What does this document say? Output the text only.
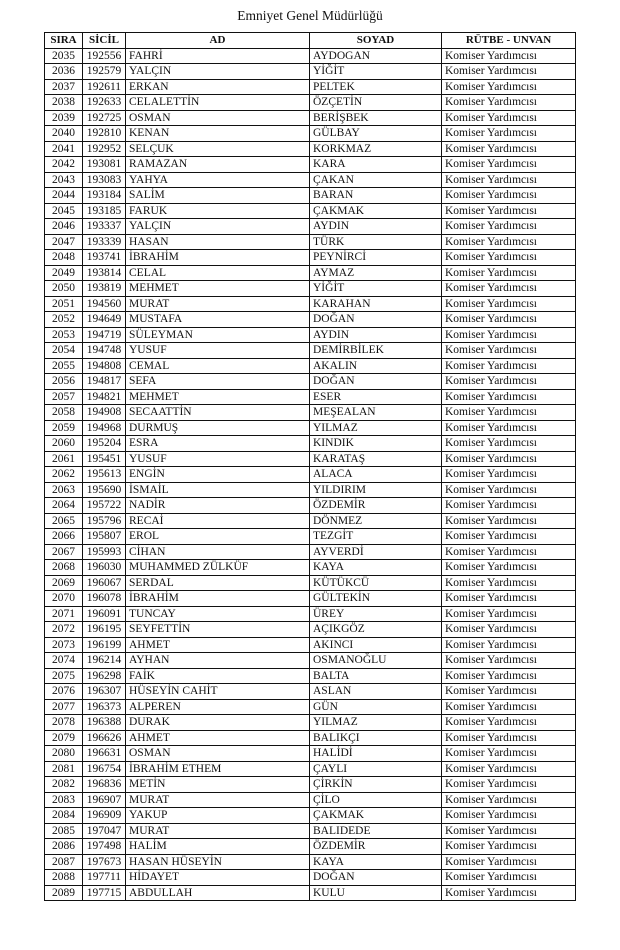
Emniyet Genel Müdürlüğü
SIRA	SİCİL	AD	SOYAD	RÜTBE - UNVAN
2035	192556	FAHRİ	AYDOGAN	Komiser Yardımcısı
2036	192579	YALÇIN	YİĞİT	Komiser Yardımcısı
2037	192611	ERKAN	PELTEK	Komiser Yardımcısı
2038	192633	CELALETTİN	ÖZÇETİN	Komiser Yardımcısı
2039	192725	OSMAN	BERİŞBEK	Komiser Yardımcısı
2040	192810	KENAN	GÜLBAY	Komiser Yardımcısı
2041	192952	SELÇUK	KORKMAZ	Komiser Yardımcısı
2042	193081	RAMAZAN	KARA	Komiser Yardımcısı
2043	193083	YAHYA	ÇAKAN	Komiser Yardımcısı
2044	193184	SALİM	BARAN	Komiser Yardımcısı
2045	193185	FARUK	ÇAKMAK	Komiser Yardımcısı
2046	193337	YALÇIN	AYDIN	Komiser Yardımcısı
2047	193339	HASAN	TÜRK	Komiser Yardımcısı
2048	193741	İBRAHİM	PEYNİRCİ	Komiser Yardımcısı
2049	193814	CELAL	AYMAZ	Komiser Yardımcısı
2050	193819	MEHMET	YİĞİT	Komiser Yardımcısı
2051	194560	MURAT	KARAHAN	Komiser Yardımcısı
2052	194649	MUSTAFA	DOĞAN	Komiser Yardımcısı
2053	194719	SÜLEYMAN	AYDIN	Komiser Yardımcısı
2054	194748	YUSUF	DEMİRBİLEK	Komiser Yardımcısı
2055	194808	CEMAL	AKALIN	Komiser Yardımcısı
2056	194817	SEFA	DOĞAN	Komiser Yardımcısı
2057	194821	MEHMET	ESER	Komiser Yardımcısı
2058	194908	SECAATTİN	MEŞEALAN	Komiser Yardımcısı
2059	194968	DURMUŞ	YILMAZ	Komiser Yardımcısı
2060	195204	ESRA	KINDIK	Komiser Yardımcısı
2061	195451	YUSUF	KARATAŞ	Komiser Yardımcısı
2062	195613	ENGİN	ALACA	Komiser Yardımcısı
2063	195690	İSMAİL	YILDIRIM	Komiser Yardımcısı
2064	195722	NADİR	ÖZDEMİR	Komiser Yardımcısı
2065	195796	RECAİ	DÖNMEZ	Komiser Yardımcısı
2066	195807	EROL	TEZGİT	Komiser Yardımcısı
2067	195993	CİHAN	AYVERDİ	Komiser Yardımcısı
2068	196030	MUHAMMED ZÜLKÜF	KAYA	Komiser Yardımcısı
2069	196067	SERDAL	KÜTÜKCÜ	Komiser Yardımcısı
2070	196078	İBRAHİM	GÜLTEKİN	Komiser Yardımcısı
2071	196091	TUNCAY	ÜREY	Komiser Yardımcısı
2072	196195	SEYFETTİN	AÇIKGÖZ	Komiser Yardımcısı
2073	196199	AHMET	AKINCI	Komiser Yardımcısı
2074	196214	AYHAN	OSMANOĞLU	Komiser Yardımcısı
2075	196298	FAİK	BALTA	Komiser Yardımcısı
2076	196307	HÜSEYİN CAHİT	ASLAN	Komiser Yardımcısı
2077	196373	ALPEREN	GÜN	Komiser Yardımcısı
2078	196388	DURAK	YILMAZ	Komiser Yardımcısı
2079	196626	AHMET	BALIKÇI	Komiser Yardımcısı
2080	196631	OSMAN	HALİDİ	Komiser Yardımcısı
2081	196754	İBRAHİM ETHEM	ÇAYLI	Komiser Yardımcısı
2082	196836	METİN	ÇİRKİN	Komiser Yardımcısı
2083	196907	MURAT	ÇİLO	Komiser Yardımcısı
2084	196909	YAKUP	ÇAKMAK	Komiser Yardımcısı
2085	197047	MURAT	BALIDEDE	Komiser Yardımcısı
2086	197498	HALİM	ÖZDEMİR	Komiser Yardımcısı
2087	197673	HASAN HÜSEYİN	KAYA	Komiser Yardımcısı
2088	197711	HİDAYET	DOĞAN	Komiser Yardımcısı
2089	197715	ABDULLAH	KULU	Komiser Yardımcısı
